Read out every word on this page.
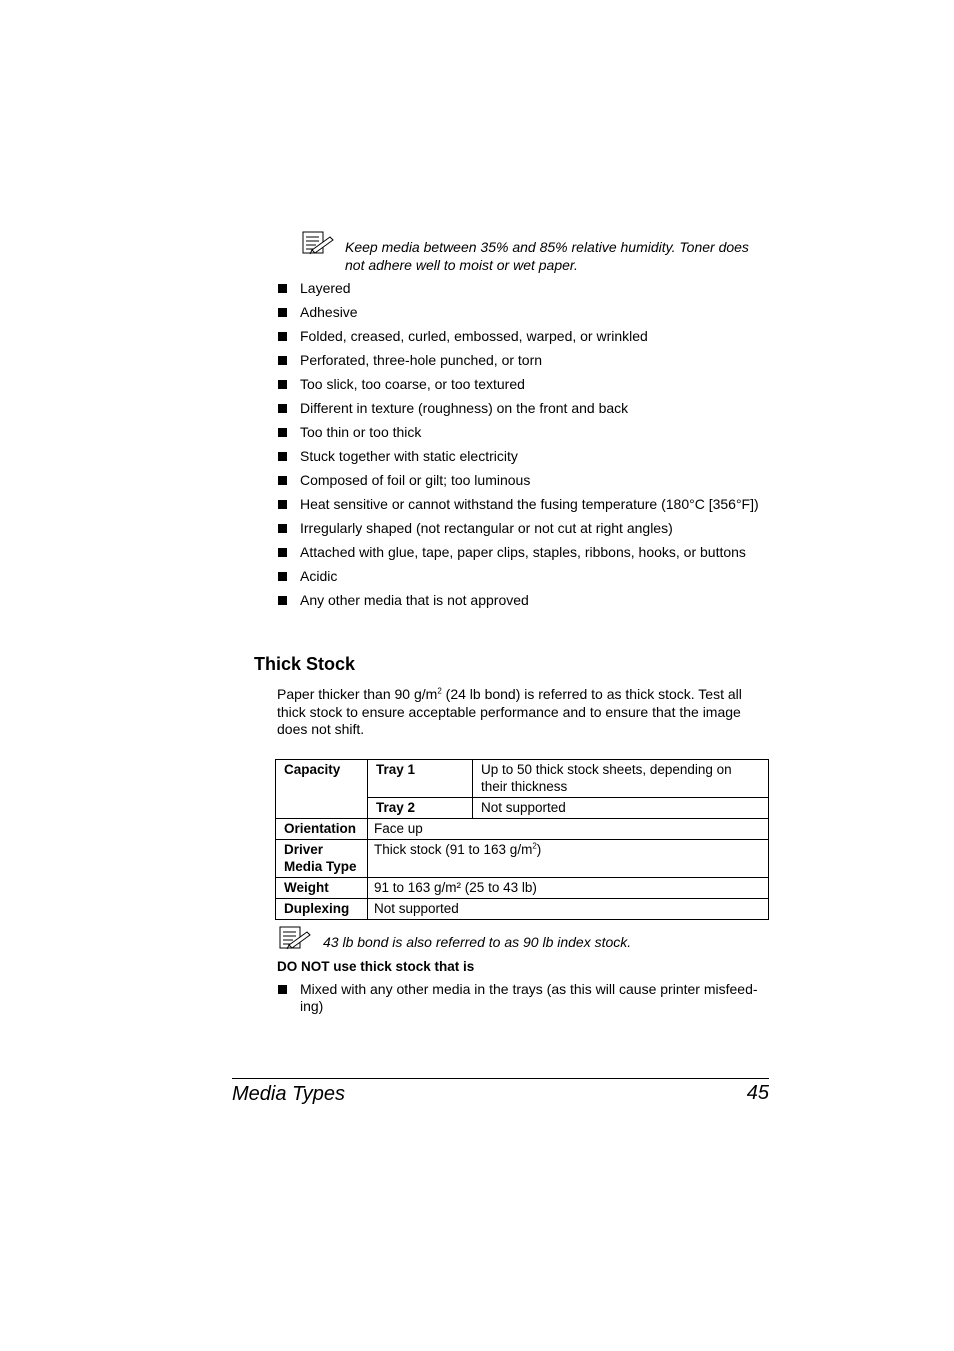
Keep media between 35% and 85% relative humidity. Toner does not adhere well to moist or wet paper.
Layered
Adhesive
Folded, creased, curled, embossed, warped, or wrinkled
Perforated, three-hole punched, or torn
Too slick, too coarse, or too textured
Different in texture (roughness) on the front and back
Too thin or too thick
Stuck together with static electricity
Composed of foil or gilt; too luminous
Heat sensitive or cannot withstand the fusing temperature (180°C [356°F])
Irregularly shaped (not rectangular or not cut at right angles)
Attached with glue, tape, paper clips, staples, ribbons, hooks, or buttons
Acidic
Any other media that is not approved
Thick Stock

Paper thicker than 90 $g/m^2$ (24 lb bond) is referred to as thick stock. Test all thick stock to ensure acceptable performance and to ensure that the image does not shift.

Capacity	Tray 1	Up to 50 thick stock sheets, depending on their thickness
	Tray 2	Not supported
Orientation	Face up	
Driver Media Type	Thick stock (91 to 163 $g/m^2$)	
Weight	91 to 163 g/m² (25 to 43 lb)	
Duplexing	Not supported	
43 lb bond is also referred to as 90 lb index stock.

DO NOT use thick stock that is

Mixed with any other media in the trays (as this will cause printer misfeed-ing)
Media Types	45
